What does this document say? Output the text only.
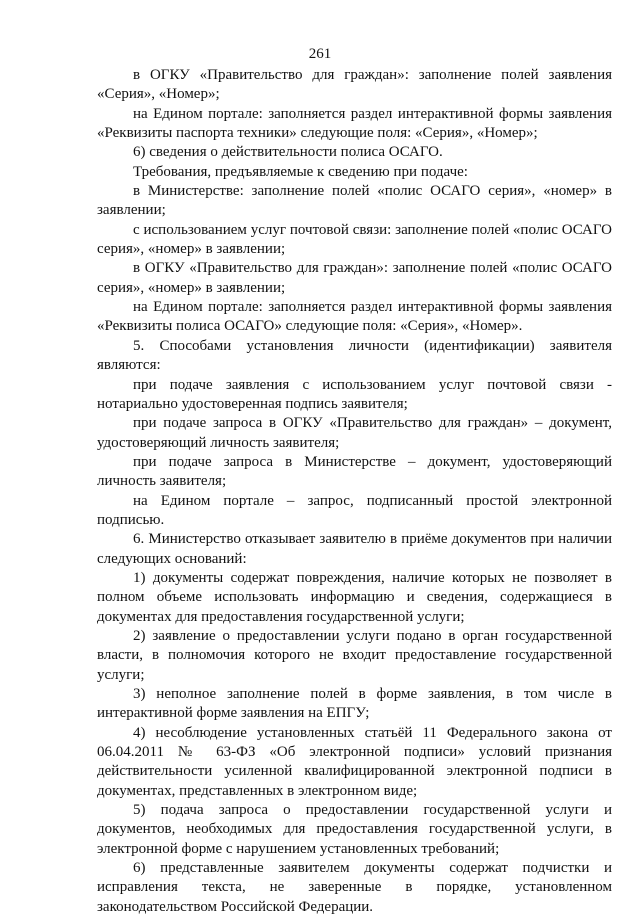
261

в ОГКУ «Правительство для граждан»: заполнение полей заявления «Серия», «Номер»;

на Едином портале: заполняется раздел интерактивной формы заявления «Реквизиты паспорта техники» следующие поля: «Серия», «Номер»;

6) сведения о действительности полиса ОСАГО.

Требования, предъявляемые к сведению при подаче:

в Министерстве: заполнение полей «полис ОСАГО серия», «номер» в заявлении;

с использованием услуг почтовой связи: заполнение полей «полис ОСАГО серия», «номер» в заявлении;

в ОГКУ «Правительство для граждан»: заполнение полей «полис ОСАГО серия», «номер» в заявлении;

на Едином портале: заполняется раздел интерактивной формы заявления «Реквизиты полиса ОСАГО» следующие поля: «Серия», «Номер».

5. Способами установления личности (идентификации) заявителя являются:

при подаче заявления с использованием услуг почтовой связи - нотариально удостоверенная подпись заявителя;

при подаче запроса в ОГКУ «Правительство для граждан» – документ, удостоверяющий личность заявителя;

при подаче запроса в Министерстве – документ, удостоверяющий личность заявителя;

на Едином портале – запрос, подписанный простой электронной подписью.

6. Министерство отказывает заявителю в приёме документов при наличии следующих оснований:

1) документы содержат повреждения, наличие которых не позволяет в полном объеме использовать информацию и сведения, содержащиеся в документах для предоставления государственной услуги;

2) заявление о предоставлении услуги подано в орган государственной власти, в полномочия которого не входит предоставление государственной услуги;

3) неполное заполнение полей в форме заявления, в том числе в интерактивной форме заявления на ЕПГУ;

4) несоблюдение установленных статьёй 11 Федерального закона от 06.04.2011 № 63-ФЗ «Об электронной подписи» условий признания действительности усиленной квалифицированной электронной подписи в документах, представленных в электронном виде;

5) подача запроса о предоставлении государственной услуги и документов, необходимых для предоставления государственной услуги, в электронной форме с нарушением установленных требований;

6) представленные заявителем документы содержат подчистки и исправления текста, не заверенные в порядке, установленном законодательством Российской Федерации.
